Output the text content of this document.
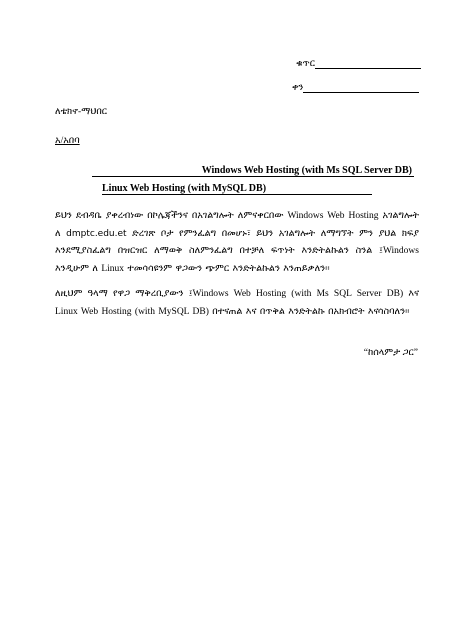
ቁጥር
ቀን
ለቴክኖ-ማህበር
አ/አበባ
Windows Web Hosting (with Ms SQL Server DB)
Linux Web Hosting (with MySQL DB)
ይህን ደብዳቤ ያቀረብነው በኮሌጃችንና በአገልግሎት ለምናቀርበው Windows Web Hosting አገልግሎት ለ dmptc.edu.et ድረገጽ ቦታ የምንፈልግ በመሆኑ፣ ይህን አገልግሎት ለማግኘት ምን ያህል ክፍያ እንደሚያስፈልግ በዝርዝር ለማወቅ ስለምንፈልግ በተቻለ ፍጥነት እንድትልኩልን ስንል ፤Windows እንዲሁም ለ Linux ተመሳሳዩንም ዋጋውን ጭምር እንድትልኩልን እንጠይቃለን፡፡
ለዚህም ዓላማ የዋጋ ማቅረቢያውን ፤Windows Web Hosting (with Ms SQL Server DB) እና Linux Web Hosting (with MySQL DB) በተናጠል እና በጥቅል እንድትልኩ በአክብሮት እናሳስባለን፡፡
“ከሰላምታ ጋር”
